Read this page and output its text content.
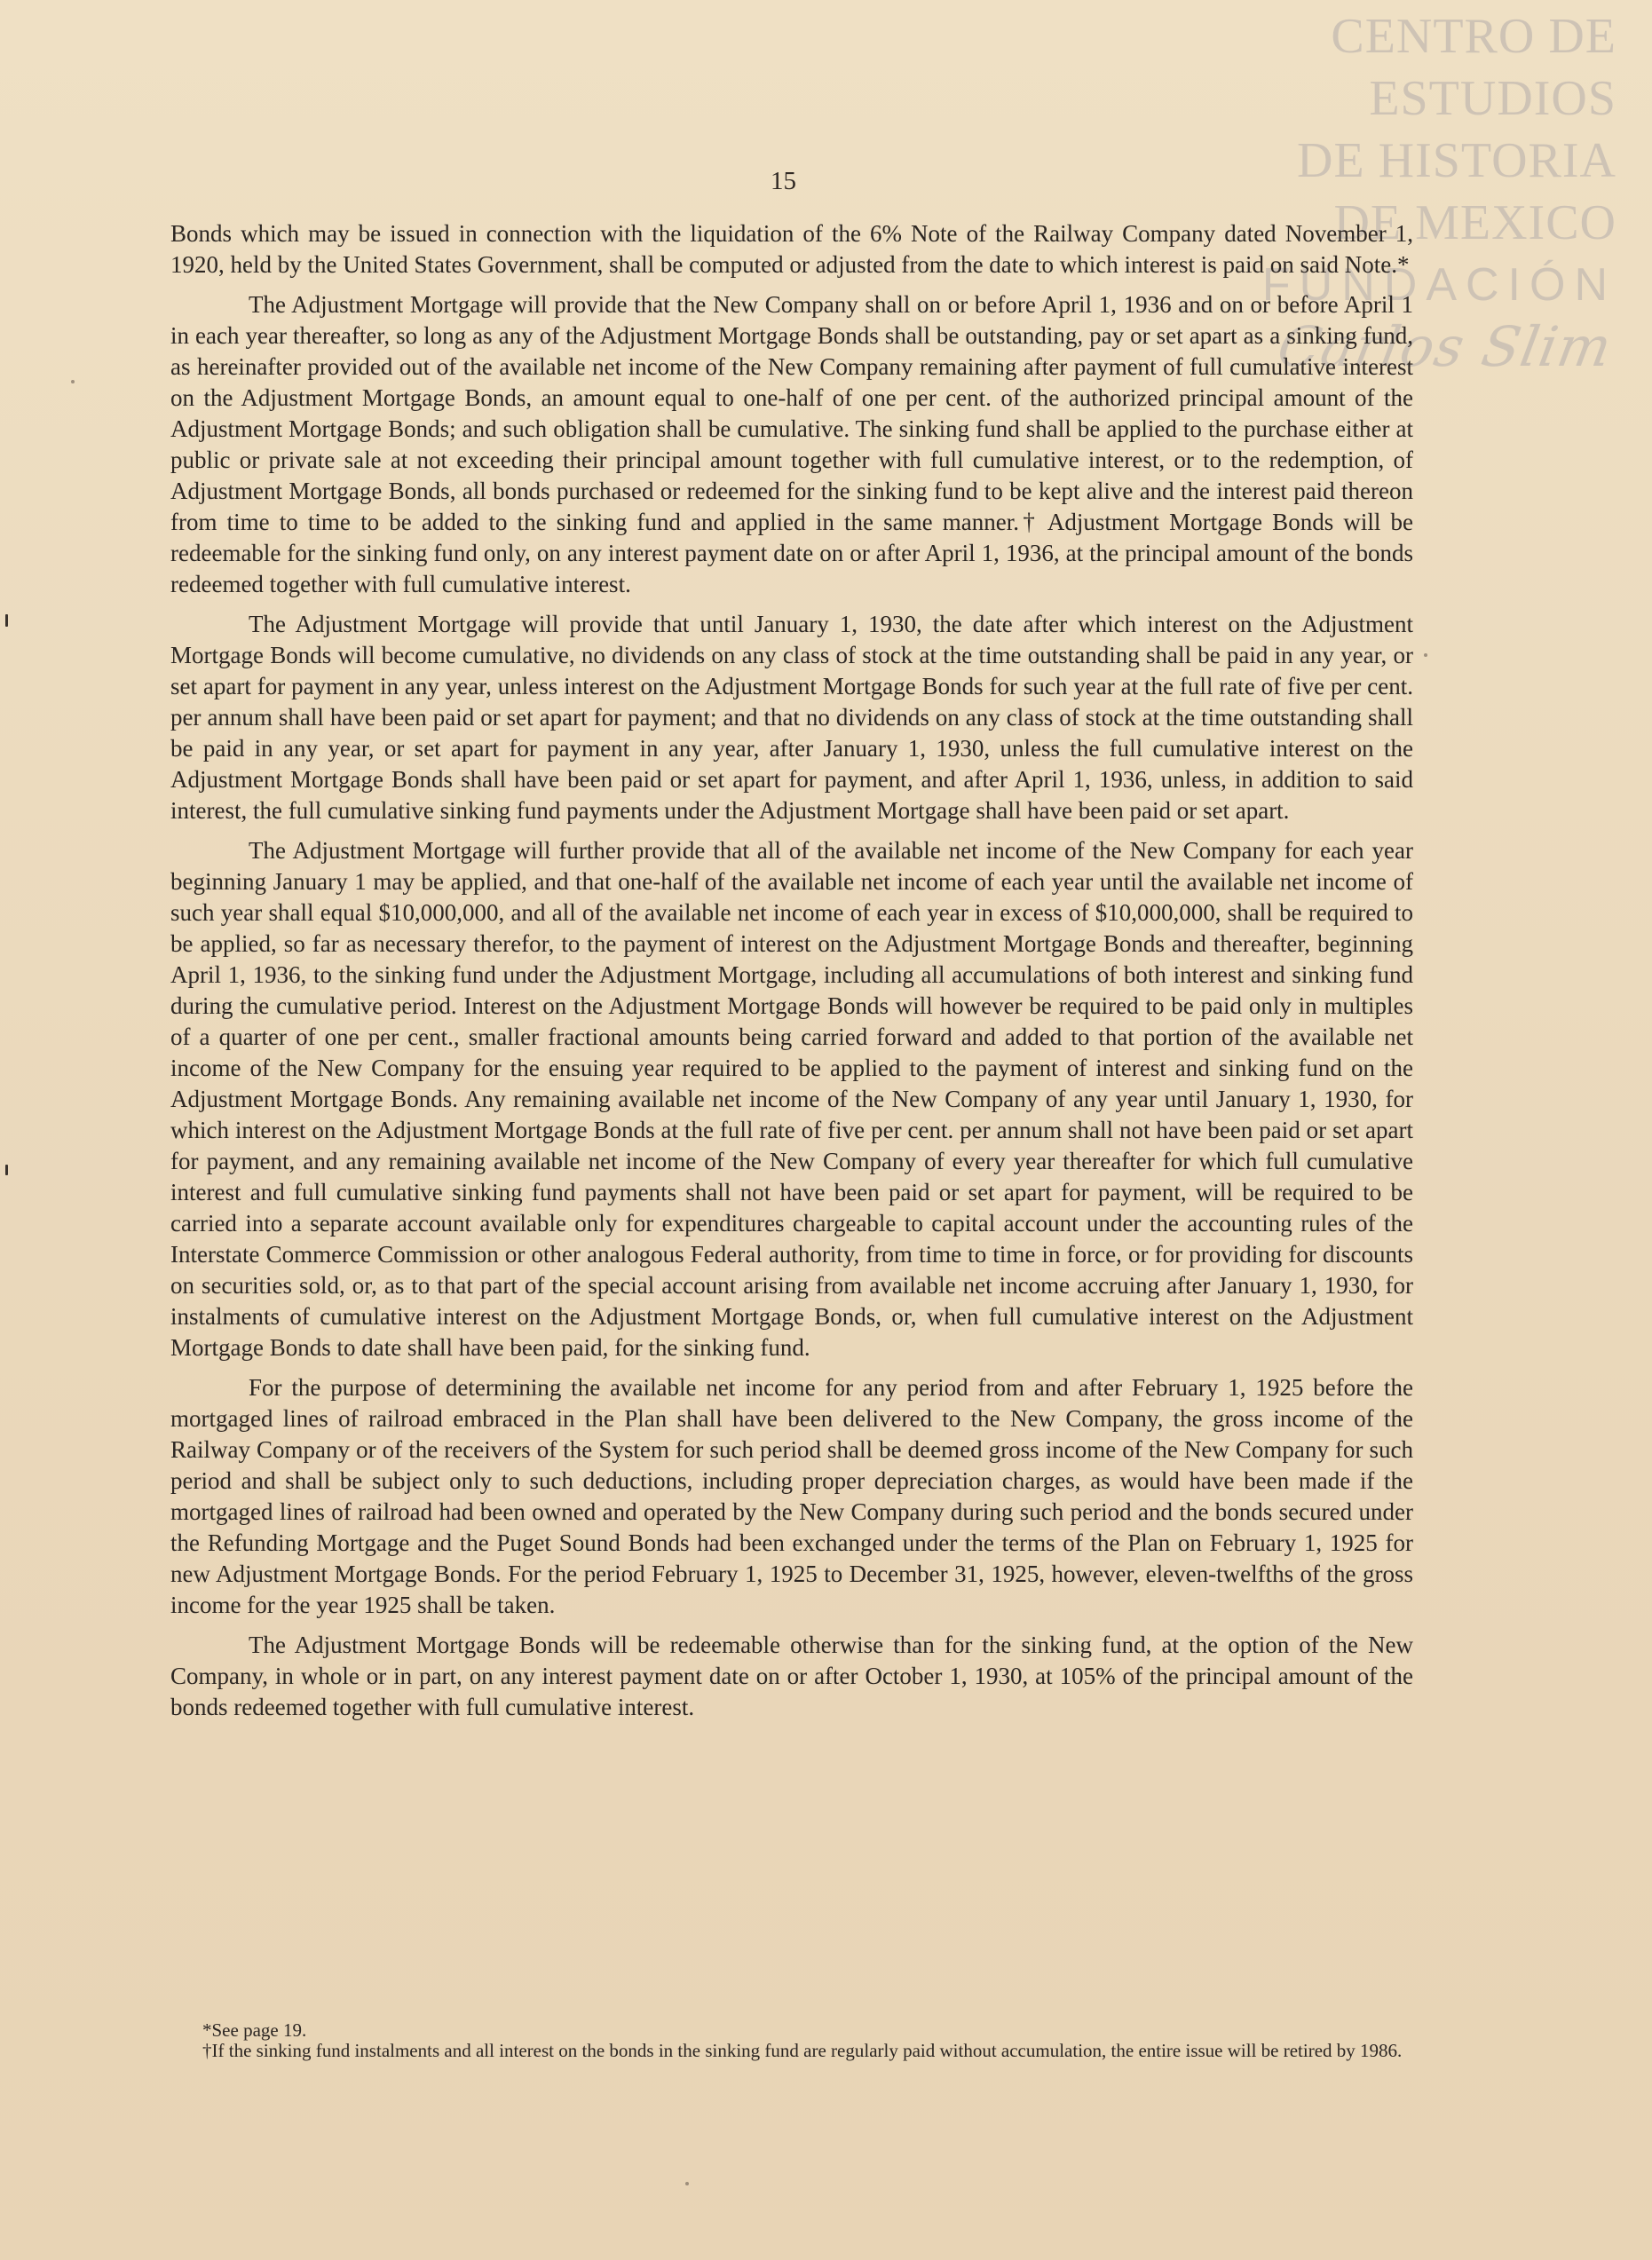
CENTRO DE
ESTUDIOS
DE HISTORIA
DE MEXICO
FUNDACIÓN
Carlos Slim
15

Bonds which may be issued in connection with the liquidation of the 6% Note of the Railway Company dated November 1, 1920, held by the United States Government, shall be computed or adjusted from the date to which interest is paid on said Note.*

The Adjustment Mortgage will provide that the New Company shall on or before April 1, 1936 and on or before April 1 in each year thereafter, so long as any of the Adjustment Mortgage Bonds shall be outstanding, pay or set apart as a sinking fund, as hereinafter provided out of the available net income of the New Company remaining after payment of full cumulative interest on the Adjustment Mortgage Bonds, an amount equal to one-half of one per cent. of the authorized principal amount of the Adjustment Mortgage Bonds; and such obligation shall be cumulative. The sinking fund shall be applied to the purchase either at public or private sale at not exceeding their principal amount together with full cumulative interest, or to the redemption, of Adjustment Mortgage Bonds, all bonds purchased or redeemed for the sinking fund to be kept alive and the interest paid thereon from time to time to be added to the sinking fund and applied in the same manner.† Adjustment Mortgage Bonds will be redeemable for the sinking fund only, on any interest payment date on or after April 1, 1936, at the principal amount of the bonds redeemed together with full cumulative interest.

The Adjustment Mortgage will provide that until January 1, 1930, the date after which interest on the Adjustment Mortgage Bonds will become cumulative, no dividends on any class of stock at the time outstanding shall be paid in any year, or set apart for payment in any year, unless interest on the Adjustment Mortgage Bonds for such year at the full rate of five per cent. per annum shall have been paid or set apart for payment; and that no dividends on any class of stock at the time outstanding shall be paid in any year, or set apart for payment in any year, after January 1, 1930, unless the full cumulative interest on the Adjustment Mortgage Bonds shall have been paid or set apart for payment, and after April 1, 1936, unless, in addition to said interest, the full cumulative sinking fund payments under the Adjustment Mortgage shall have been paid or set apart.

The Adjustment Mortgage will further provide that all of the available net income of the New Company for each year beginning January 1 may be applied, and that one-half of the available net income of each year until the available net income of such year shall equal $10,000,000, and all of the available net income of each year in excess of $10,000,000, shall be required to be applied, so far as necessary therefor, to the payment of interest on the Adjustment Mortgage Bonds and thereafter, beginning April 1, 1936, to the sinking fund under the Adjustment Mortgage, including all accumulations of both interest and sinking fund during the cumulative period. Interest on the Adjustment Mortgage Bonds will however be required to be paid only in multiples of a quarter of one per cent., smaller fractional amounts being carried forward and added to that portion of the available net income of the New Company for the ensuing year required to be applied to the payment of interest and sinking fund on the Adjustment Mortgage Bonds. Any remaining available net income of the New Company of any year until January 1, 1930, for which interest on the Adjustment Mortgage Bonds at the full rate of five per cent. per annum shall not have been paid or set apart for payment, and any remaining available net income of the New Company of every year thereafter for which full cumulative interest and full cumulative sinking fund payments shall not have been paid or set apart for payment, will be required to be carried into a separate account available only for expenditures chargeable to capital account under the accounting rules of the Interstate Commerce Commission or other analogous Federal authority, from time to time in force, or for providing for discounts on securities sold, or, as to that part of the special account arising from available net income accruing after January 1, 1930, for instalments of cumulative interest on the Adjustment Mortgage Bonds, or, when full cumulative interest on the Adjustment Mortgage Bonds to date shall have been paid, for the sinking fund.

For the purpose of determining the available net income for any period from and after February 1, 1925 before the mortgaged lines of railroad embraced in the Plan shall have been delivered to the New Company, the gross income of the Railway Company or of the receivers of the System for such period shall be deemed gross income of the New Company for such period and shall be subject only to such deductions, including proper depreciation charges, as would have been made if the mortgaged lines of railroad had been owned and operated by the New Company during such period and the bonds secured under the Refunding Mortgage and the Puget Sound Bonds had been exchanged under the terms of the Plan on February 1, 1925 for new Adjustment Mortgage Bonds. For the period February 1, 1925 to December 31, 1925, however, eleven-twelfths of the gross income for the year 1925 shall be taken.

The Adjustment Mortgage Bonds will be redeemable otherwise than for the sinking fund, at the option of the New Company, in whole or in part, on any interest payment date on or after October 1, 1930, at 105% of the principal amount of the bonds redeemed together with full cumulative interest.

*See page 19.

†If the sinking fund instalments and all interest on the bonds in the sinking fund are regularly paid without accumulation, the entire issue will be retired by 1986.
